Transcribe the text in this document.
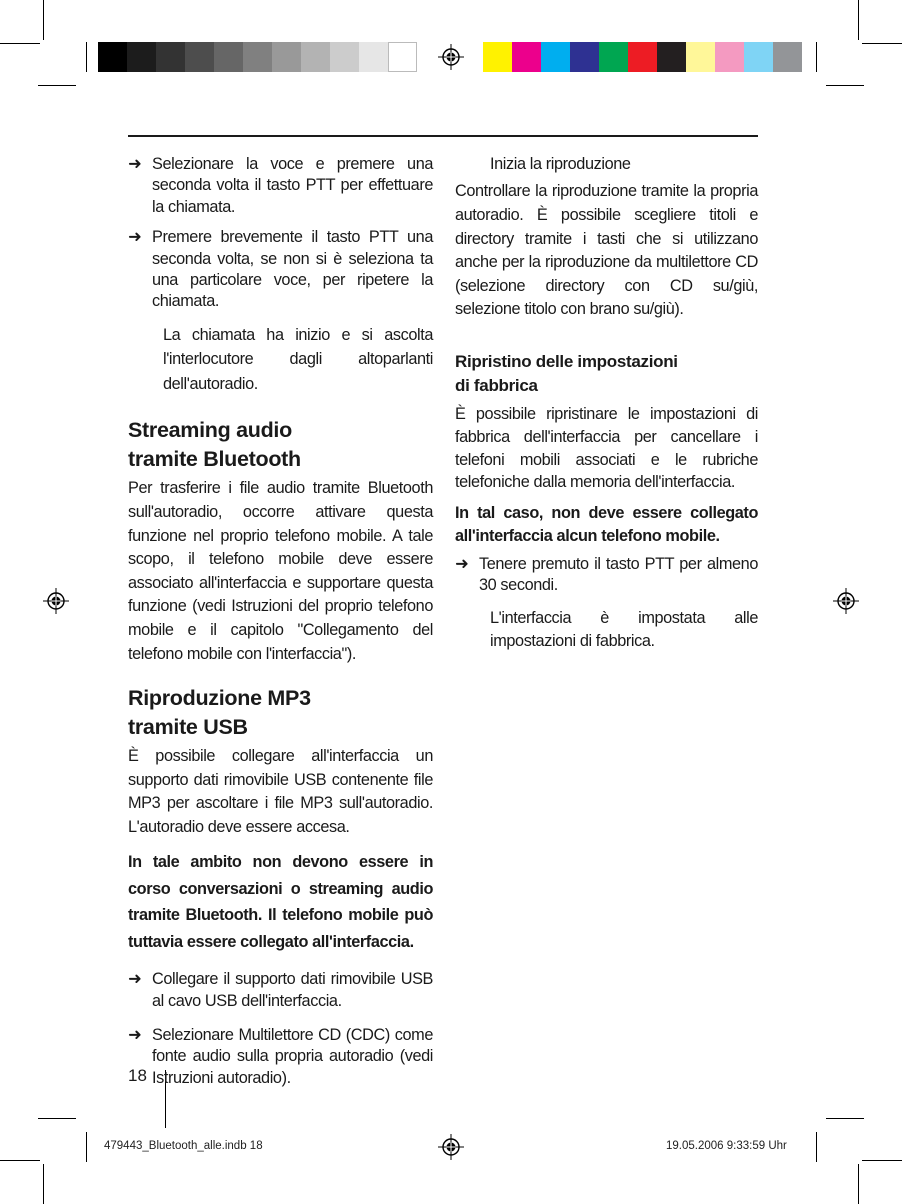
➜ Selezionare la voce e premere una seconda volta il tasto PTT per effettuare la chiamata.
➜ Premere brevemente il tasto PTT una seconda volta, se non si è seleziona ta una particolare voce, per ripetere la chiamata.

La chiamata ha inizio e si ascolta l'interlocutore dagli altoparlanti dell'autoradio.

Streaming audio
tramite Bluetooth

Per trasferire i file audio tramite Bluetooth sull'autoradio, occorre attivare questa funzione nel proprio telefono mobile. A tale scopo, il telefono mobile deve essere associato all'interfaccia e supportare questa funzione (vedi Istruzioni del proprio telefono mobile e il capitolo "Collegamento del telefono mobile con l'interfaccia").

Riproduzione MP3
tramite USB

È possibile collegare all'interfaccia un supporto dati rimovibile USB contenente file MP3 per ascoltare i file MP3 sull'autoradio. L'autoradio deve essere accesa.

In tale ambito non devono essere in corso conversazioni o streaming audio tramite Bluetooth. Il telefono mobile può tuttavia essere collegato all'interfaccia.

➜ Collegare il supporto dati rimovibile USB al cavo USB dell'interfaccia.
➜ Selezionare Multilettore CD (CDC) come fonte audio sulla propria autoradio (vedi Istruzioni autoradio).
18

Inizia la riproduzione

Controllare la riproduzione tramite la propria autoradio. È possibile scegliere titoli e directory tramite i tasti che si utilizzano anche per la riproduzione da multilettore CD (selezione directory con CD su/giù, selezione titolo con brano su/giù).

Ripristino delle impostazioni
di fabbrica

È possibile ripristinare le impostazioni di fabbrica dell'interfaccia per cancellare i telefoni mobili associati e le rubriche telefoniche dalla memoria dell'interfaccia.

In tal caso, non deve essere collegato all'interfaccia alcun telefono mobile.

➜ Tenere premuto il tasto PTT per almeno 30 secondi.

L'interfaccia è impostata alle impostazioni di fabbrica.

479443_Bluetooth_alle.indb 18	19.05.2006 9:33:59 Uhr
